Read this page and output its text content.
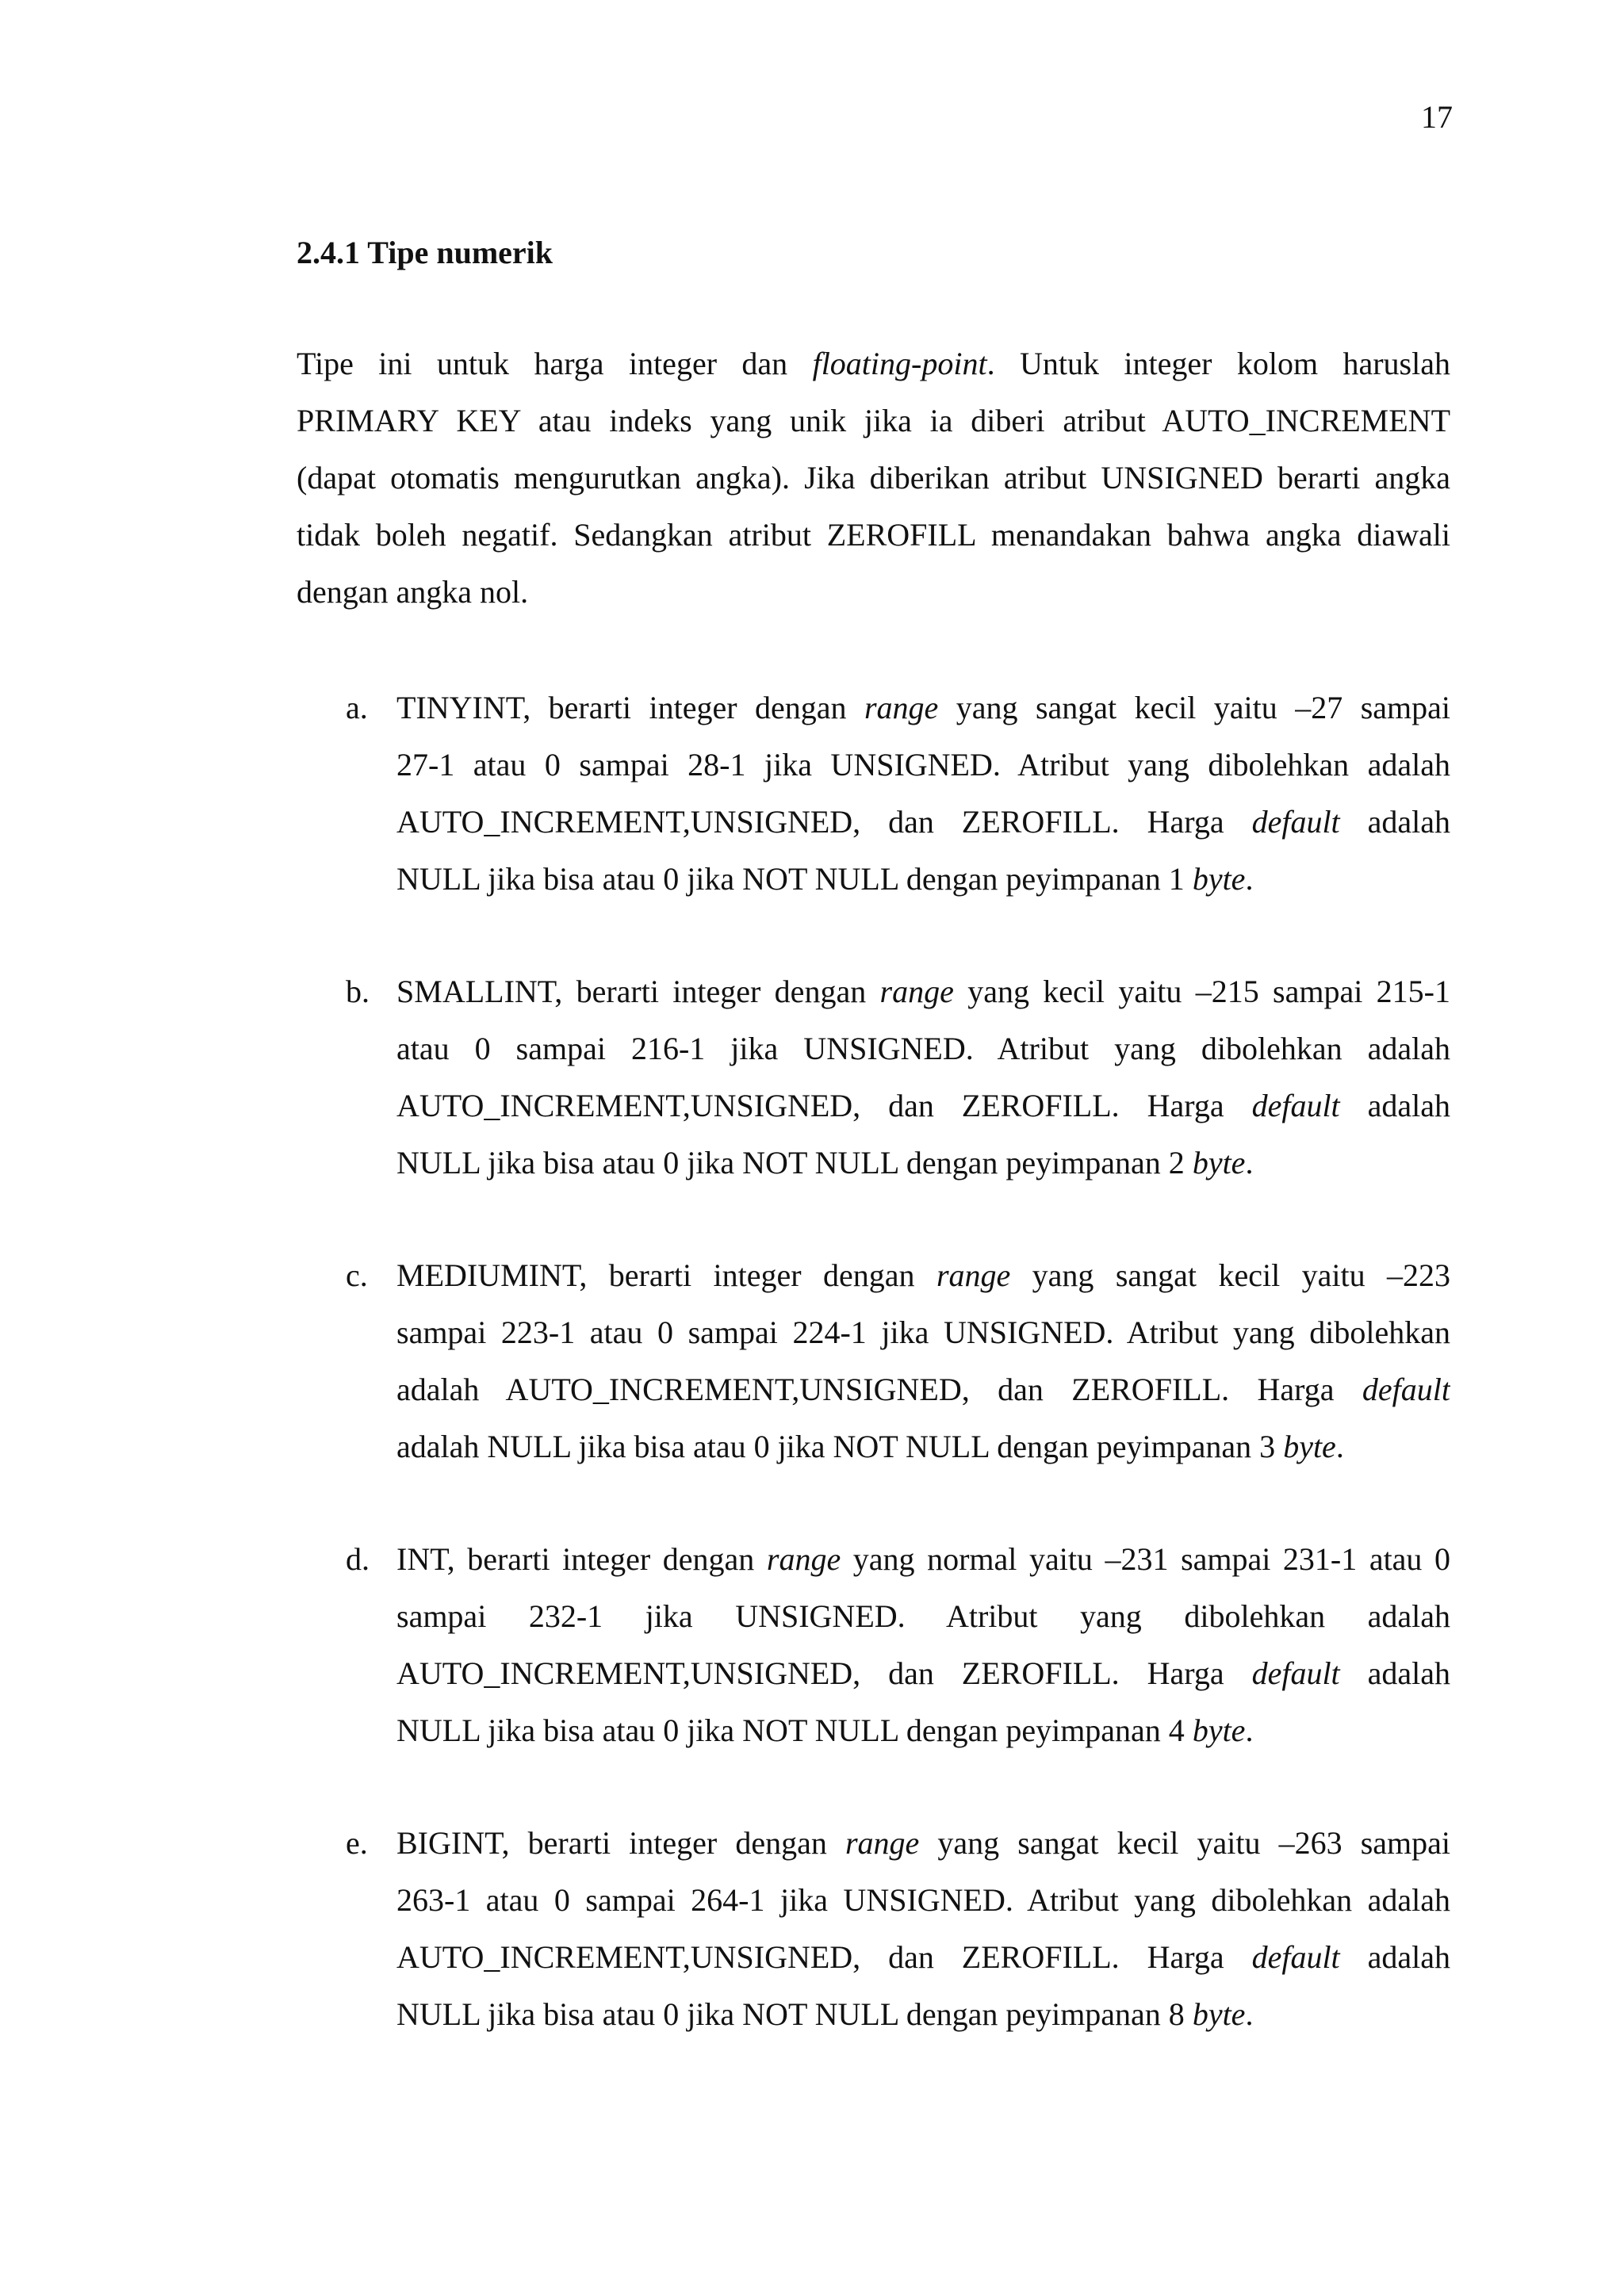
17
2.4.1 Tipe numerik
Tipe ini untuk harga integer dan floating-point. Untuk integer kolom haruslah
PRIMARY KEY atau indeks yang unik jika ia diberi atribut AUTO_INCREMENT
(dapat otomatis mengurutkan angka). Jika diberikan atribut UNSIGNED berarti angka
tidak boleh negatif. Sedangkan atribut ZEROFILL menandakan bahwa angka diawali
dengan angka nol.
a. TINYINT, berarti integer dengan range yang sangat kecil yaitu –27 sampai
27-1 atau 0 sampai 28-1 jika UNSIGNED. Atribut yang dibolehkan adalah
AUTO_INCREMENT,UNSIGNED, dan ZEROFILL. Harga default adalah
NULL jika bisa atau 0 jika NOT NULL dengan peyimpanan 1 byte.
b. SMALLINT, berarti integer dengan range yang kecil yaitu –215 sampai 215-1
atau 0 sampai 216-1 jika UNSIGNED. Atribut yang dibolehkan adalah
AUTO_INCREMENT,UNSIGNED, dan ZEROFILL. Harga default adalah
NULL jika bisa atau 0 jika NOT NULL dengan peyimpanan 2 byte.
c. MEDIUMINT, berarti integer dengan range yang sangat kecil yaitu –223
sampai 223-1 atau 0 sampai 224-1 jika UNSIGNED. Atribut yang dibolehkan
adalah AUTO_INCREMENT,UNSIGNED, dan ZEROFILL. Harga default
adalah NULL jika bisa atau 0 jika NOT NULL dengan peyimpanan 3 byte.
d. INT, berarti integer dengan range yang normal yaitu –231 sampai 231-1 atau 0
sampai 232-1 jika UNSIGNED. Atribut yang dibolehkan adalah
AUTO_INCREMENT,UNSIGNED, dan ZEROFILL. Harga default adalah
NULL jika bisa atau 0 jika NOT NULL dengan peyimpanan 4 byte.
e. BIGINT, berarti integer dengan range yang sangat kecil yaitu –263 sampai
263-1 atau 0 sampai 264-1 jika UNSIGNED. Atribut yang dibolehkan adalah
AUTO_INCREMENT,UNSIGNED, dan ZEROFILL. Harga default adalah
NULL jika bisa atau 0 jika NOT NULL dengan peyimpanan 8 byte.
